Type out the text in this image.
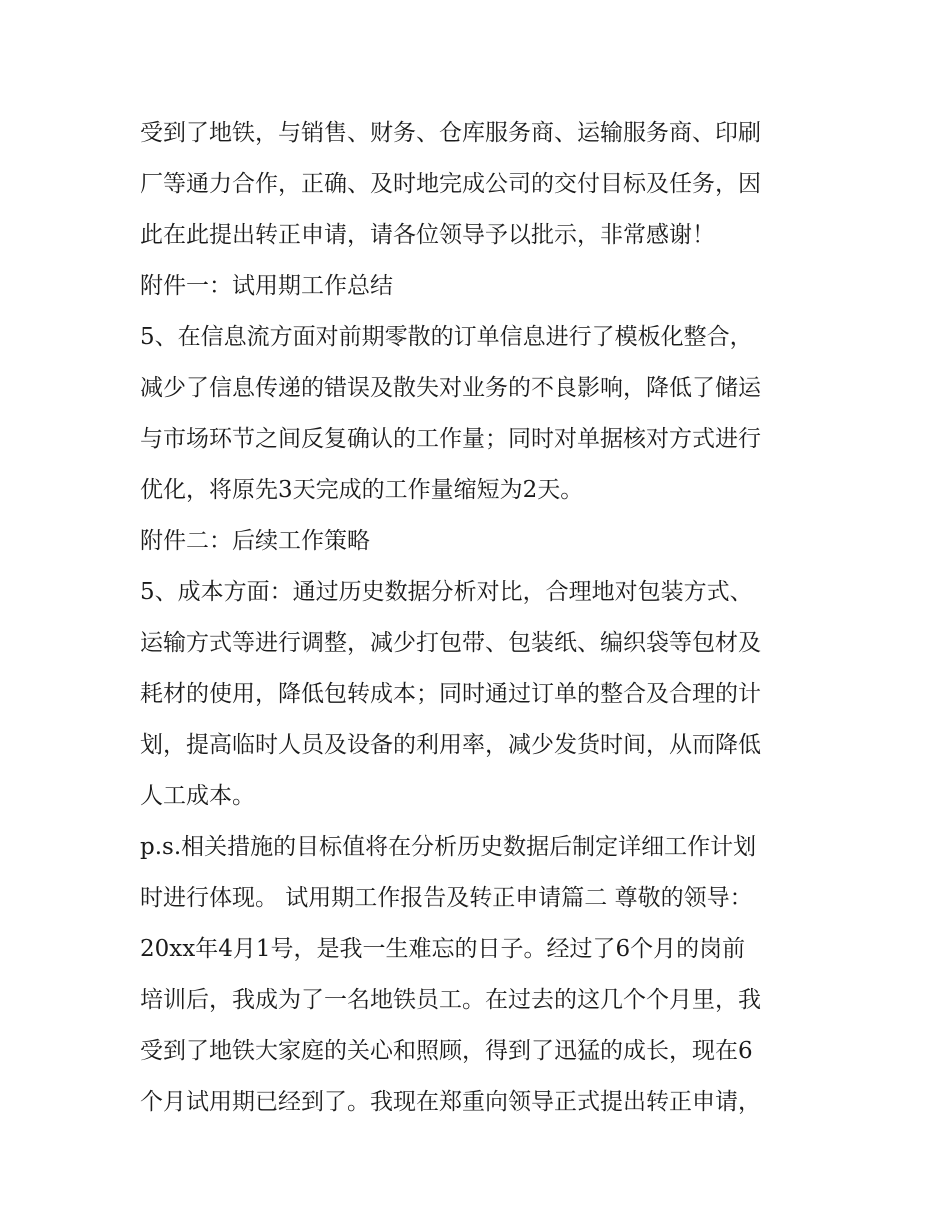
受到了地铁，与销售、财务、仓库服务商、运输服务商、印刷
厂等通力合作，正确、及时地完成公司的交付目标及任务，因
此在此提出转正申请，请各位领导予以批示，非常感谢！
附件一：试用期工作总结
5、在信息流方面对前期零散的订单信息进行了模板化整合，
减少了信息传递的错误及散失对业务的不良影响，降低了储运
与市场环节之间反复确认的工作量；同时对单据核对方式进行
优化，将原先3天完成的工作量缩短为2天。
附件二：后续工作策略
5、成本方面：通过历史数据分析对比，合理地对包装方式、
运输方式等进行调整，减少打包带、包装纸、编织袋等包材及
耗材的使用，降低包转成本；同时通过订单的整合及合理的计
划，提高临时人员及设备的利用率，减少发货时间，从而降低
人工成本。
p.s.相关措施的目标值将在分析历史数据后制定详细工作计划
时进行体现。 试用期工作报告及转正申请篇二 尊敬的领导：
20xx年4月1号，是我一生难忘的日子。经过了6个月的岗前
培训后，我成为了一名地铁员工。在过去的这几个个月里，我
受到了地铁大家庭的关心和照顾，得到了迅猛的成长，现在6
个月试用期已经到了。我现在郑重向领导正式提出转正申请，
